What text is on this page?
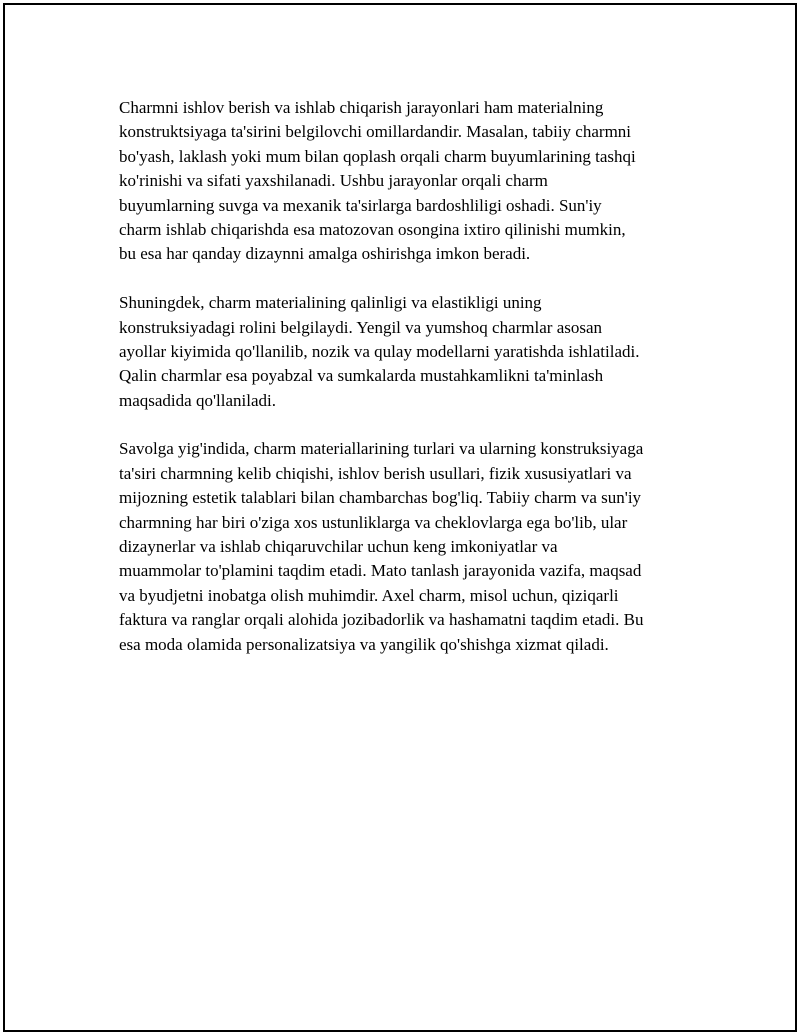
Charmni ishlov berish va ishlab chiqarish jarayonlari ham materialning
konstruktsiyaga ta'sirini belgilovchi omillardandir. Masalan, tabiiy charmni
bo'yash, laklash yoki mum bilan qoplash orqali charm buyumlarining tashqi
ko'rinishi va sifati yaxshilanadi. Ushbu jarayonlar orqali charm
buyumlarning suvga va mexanik ta'sirlarga bardoshliligi oshadi. Sun'iy
charm ishlab chiqarishda esa matozovan osongina ixtiro qilinishi mumkin,
bu esa har qanday dizaynni amalga oshirishga imkon beradi.
Shuningdek, charm materialining qalinligi va elastikligi uning
konstruksiyadagi rolini belgilaydi. Yengil va yumshoq charmlar asosan
ayollar kiyimida qo'llanilib, nozik va qulay modellarni yaratishda ishlatiladi.
Qalin charmlar esa poyabzal va sumkalarda mustahkamlikni ta'minlash
maqsadida qo'llaniladi.
Savolga yig'indida, charm materiallarining turlari va ularning konstruksiyaga
ta'siri charmning kelib chiqishi, ishlov berish usullari, fizik xususiyatlari va
mijozning estetik talablari bilan chambarchas bog'liq. Tabiiy charm va sun'iy
charmning har biri o'ziga xos ustunliklarga va cheklovlarga ega bo'lib, ular
dizaynerlar va ishlab chiqaruvchilar uchun keng imkoniyatlar va
muammolar to'plamini taqdim etadi. Mato tanlash jarayonida vazifa, maqsad
va byudjetni inobatga olish muhimdir. Axel charm, misol uchun, qiziqarli
faktura va ranglar orqali alohida jozibadorlik va hashamatni taqdim etadi. Bu
esa moda olamida personalizatsiya va yangilik qo'shishga xizmat qiladi.
